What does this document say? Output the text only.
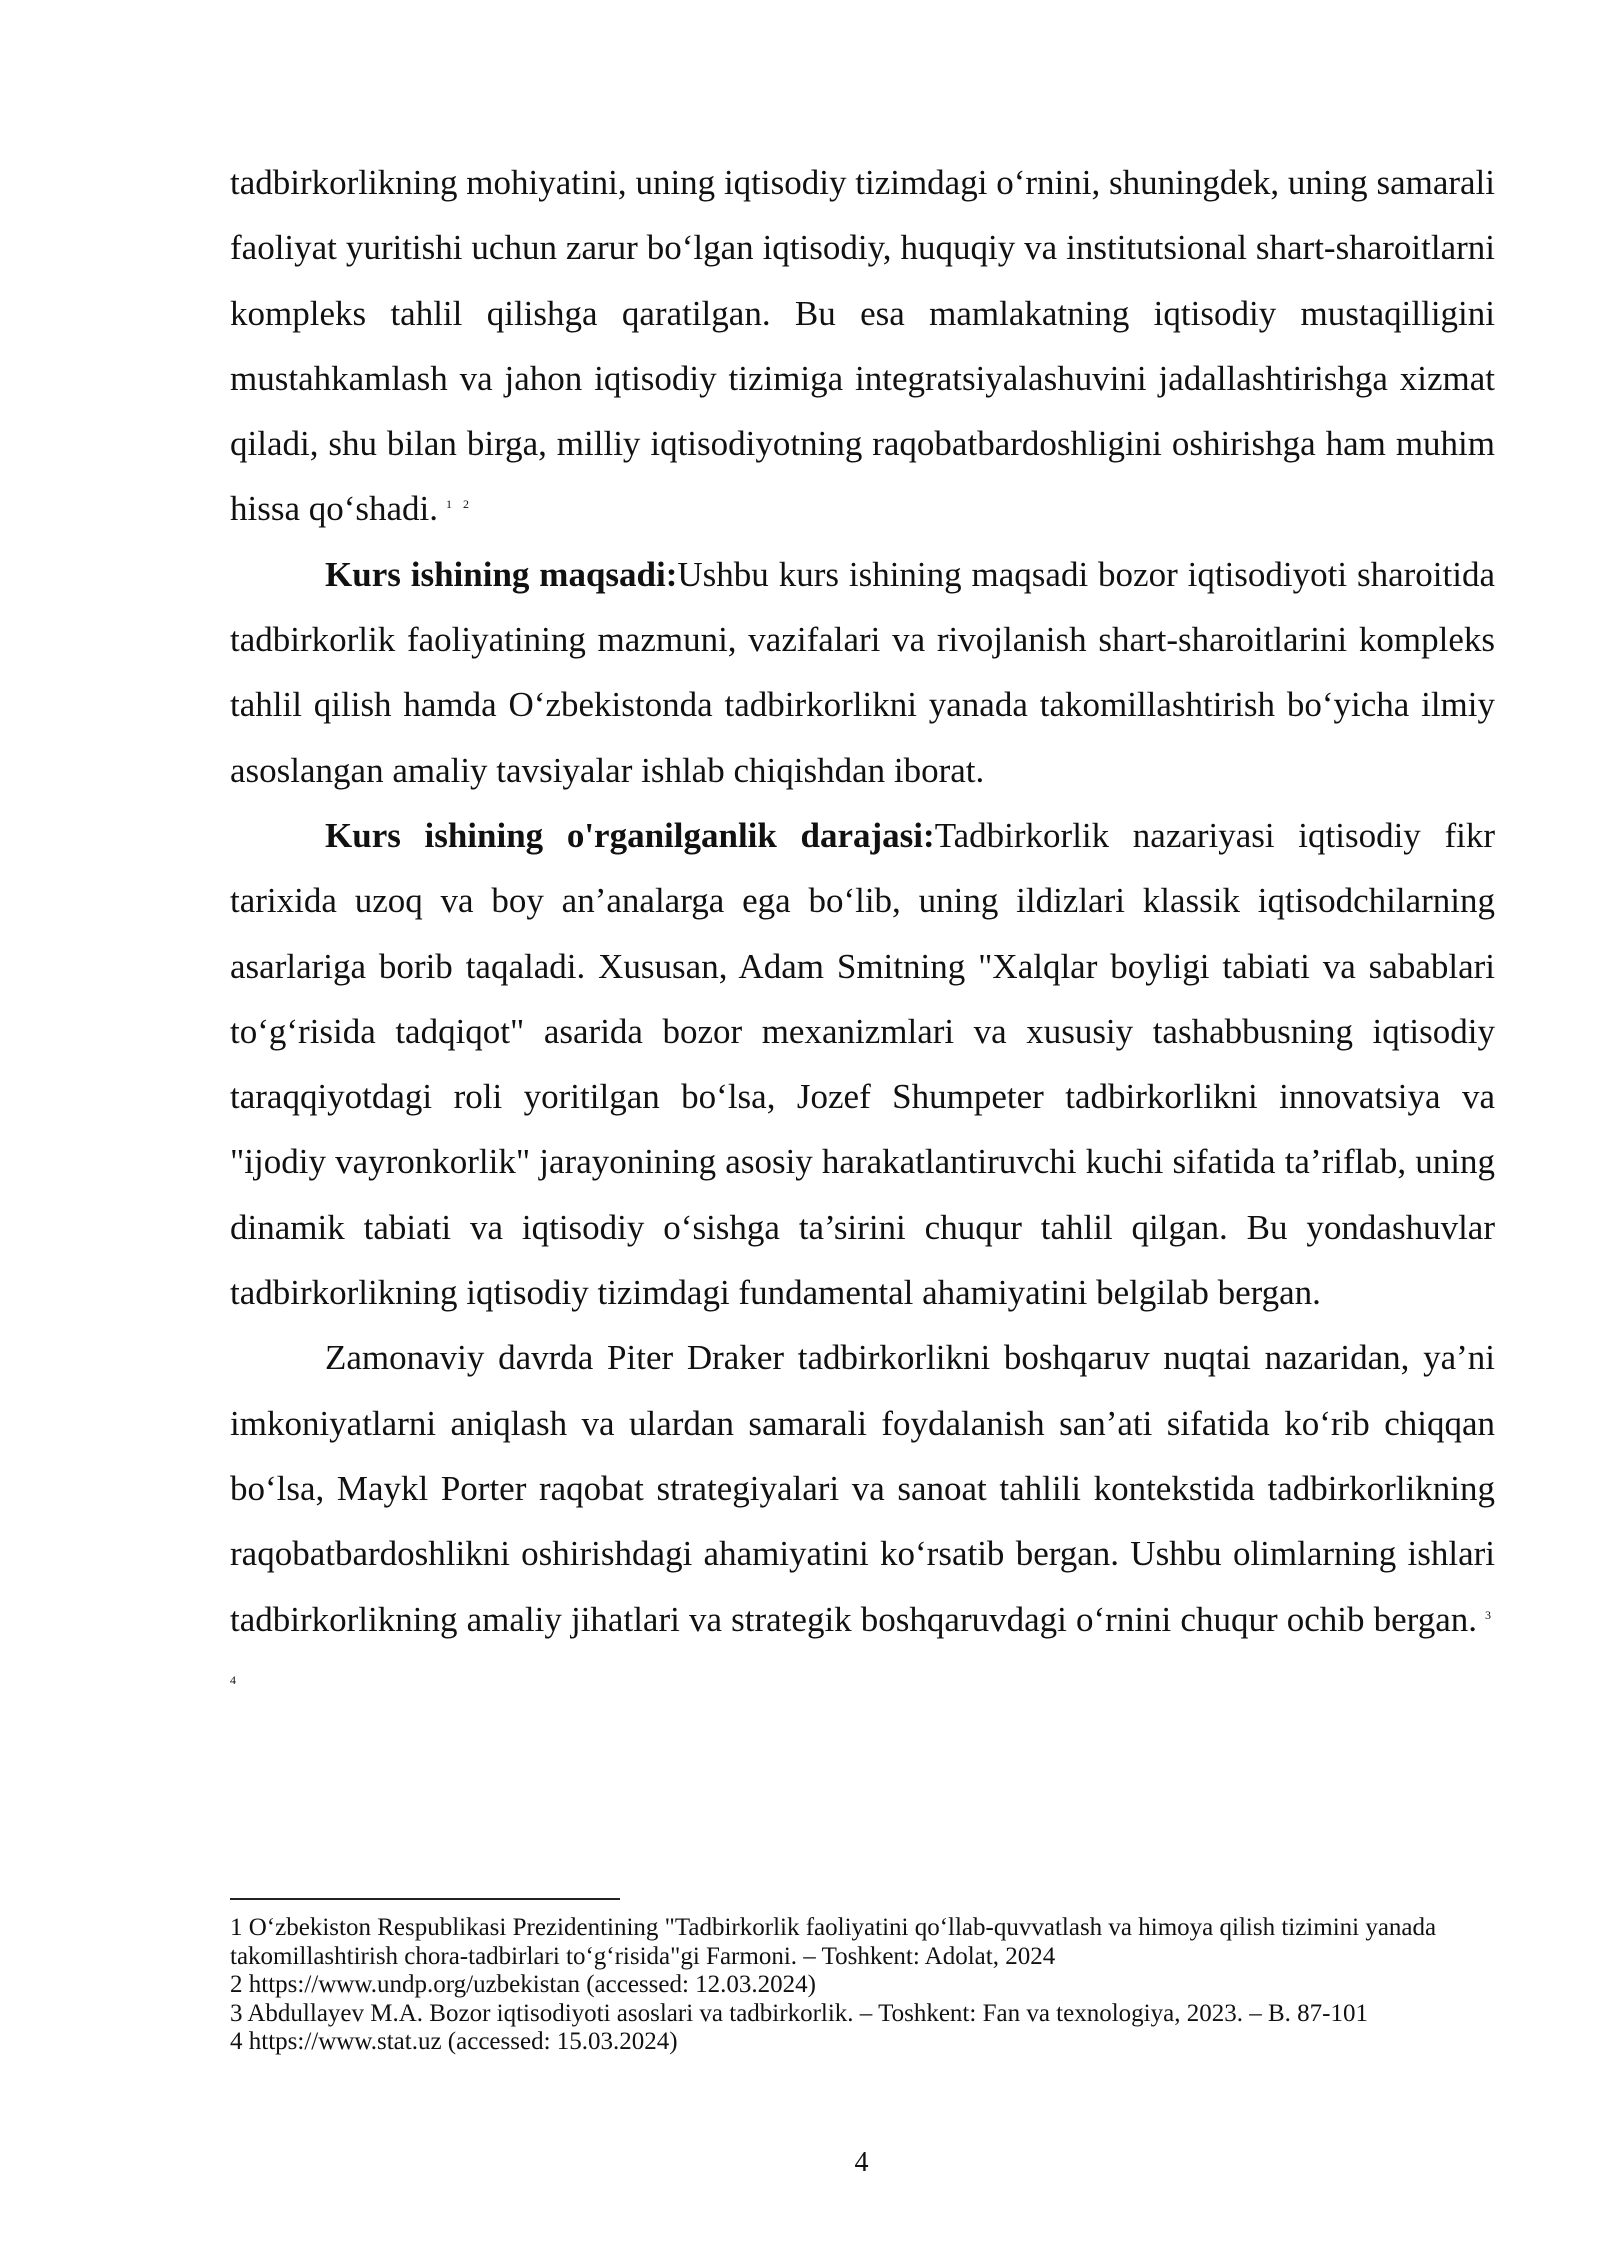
tadbirkorlikning mohiyatini, uning iqtisodiy tizimdagi o‘rnini, shuningdek, uning samarali faoliyat yuritishi uchun zarur bo‘lgan iqtisodiy, huquqiy va institutsional shart-sharoitlarni kompleks tahlil qilishga qaratilgan. Bu esa mamlakatning iqtisodiy mustaqilligini mustahkamlash va jahon iqtisodiy tizimiga integratsiyalashuvini jadallashtirishga xizmat qiladi, shu bilan birga, milliy iqtisodiyotning raqobatbardoshligini oshirishga ham muhim hissa qo‘shadi. $^{1 2}$

Kurs ishining maqsadi:Ushbu kurs ishining maqsadi bozor iqtisodiyoti sharoitida tadbirkorlik faoliyatining mazmuni, vazifalari va rivojlanish shart-sharoitlarini kompleks tahlil qilish hamda O‘zbekistonda tadbirkorlikni yanada takomillashtirish bo‘yicha ilmiy asoslangan amaliy tavsiyalar ishlab chiqishdan iborat.

Kurs ishining o'rganilganlik darajasi:Tadbirkorlik nazariyasi iqtisodiy fikr tarixida uzoq va boy an’analarga ega bo‘lib, uning ildizlari klassik iqtisodchilarning asarlariga borib taqaladi. Xususan, Adam Smitning "Xalqlar boyligi tabiati va sabablari to‘g‘risida tadqiqot" asarida bozor mexanizmlari va xususiy tashabbusning iqtisodiy taraqqiyotdagi roli yoritilgan bo‘lsa, Jozef Shumpeter tadbirkorlikni innovatsiya va "ijodiy vayronkorlik" jarayonining asosiy harakatlantiruvchi kuchi sifatida ta’riflab, uning dinamik tabiati va iqtisodiy o‘sishga ta’sirini chuqur tahlil qilgan. Bu yondashuvlar tadbirkorlikning iqtisodiy tizimdagi fundamental ahamiyatini belgilab bergan.

Zamonaviy davrda Piter Draker tadbirkorlikni boshqaruv nuqtai nazaridan, ya’ni imkoniyatlarni aniqlash va ulardan samarali foydalanish san’ati sifatida ko‘rib chiqqan bo‘lsa, Maykl Porter raqobat strategiyalari va sanoat tahlili kontekstida tadbirkorlikning raqobatbardoshlikni oshirishdagi ahamiyatini ko‘rsatib bergan. Ushbu olimlarning ishlari tadbirkorlikning amaliy jihatlari va strategik boshqaruvdagi o‘rnini chuqur ochib bergan. $^{3 4}$

1 O‘zbekiston Respublikasi Prezidentining "Tadbirkorlik faoliyatini qo‘llab-quvvatlash va himoya qilish tizimini yanada takomillashtirish chora-tadbirlari to‘g‘risida"gi Farmoni. – Toshkent: Adolat, 2024

2 https://www.undp.org/uzbekistan (accessed: 12.03.2024)

3 Abdullayev M.A. Bozor iqtisodiyoti asoslari va tadbirkorlik. – Toshkent: Fan va texnologiya, 2023. – B. 87-101

4 https://www.stat.uz (accessed: 15.03.2024)

4
